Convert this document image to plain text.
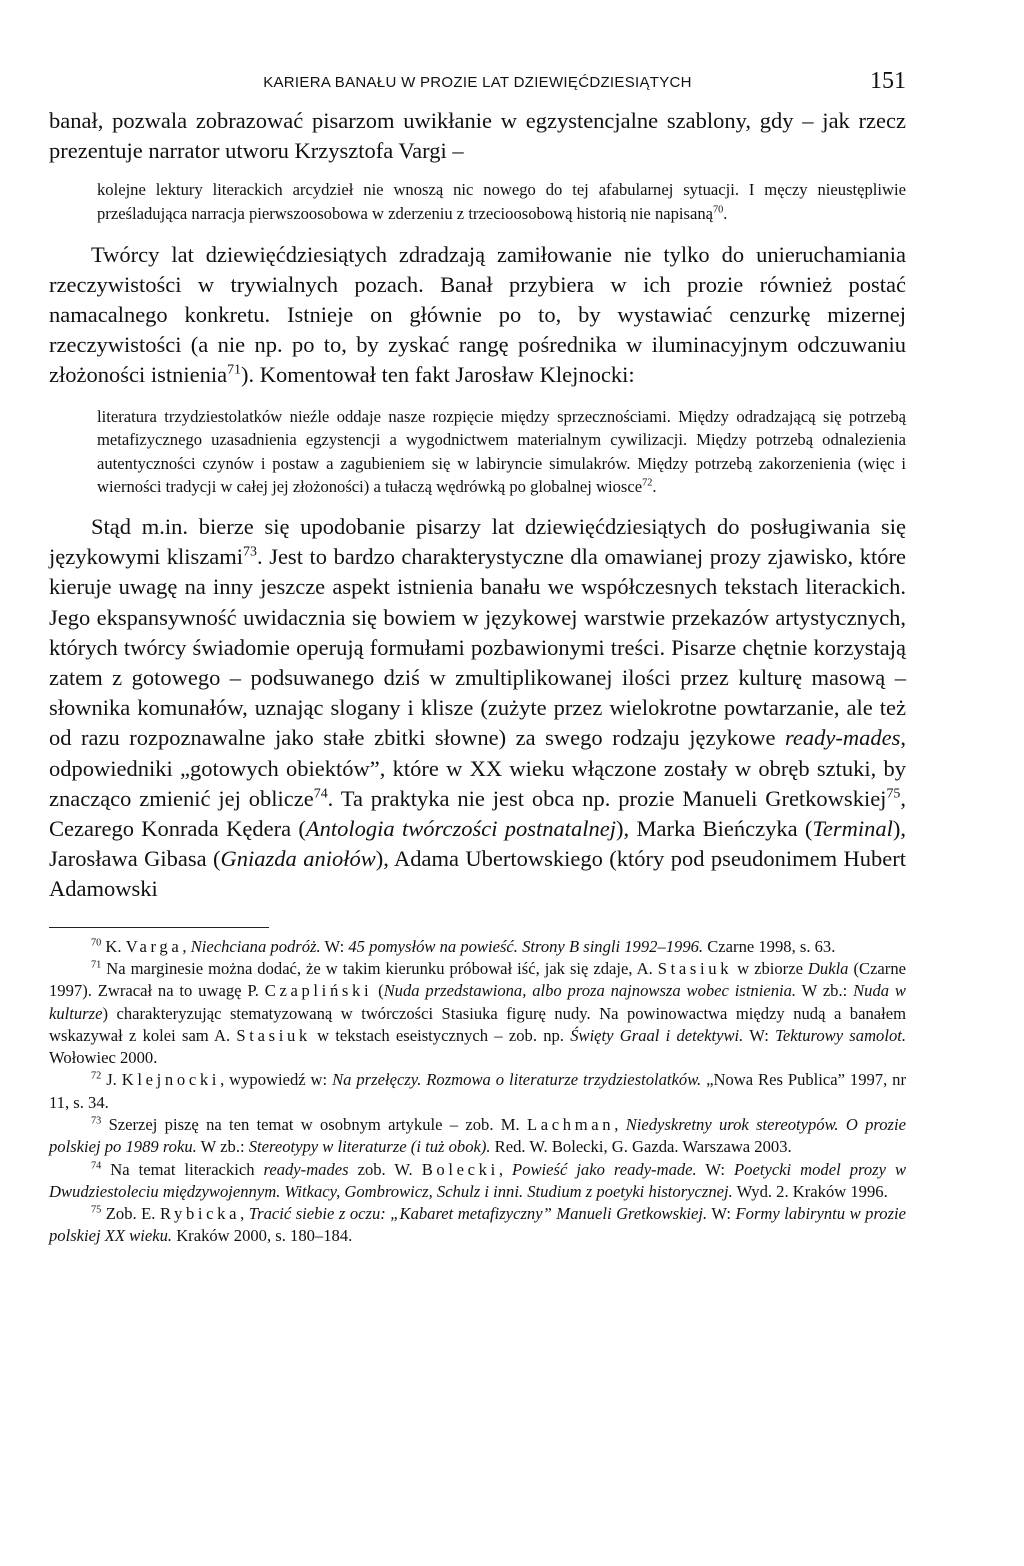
KARIERA BANAŁU W PROZIE LAT DZIEWIĘĆDZIESIĄTYCH	151

banał, pozwala zobrazować pisarzom uwikłanie w egzystencjalne szablony, gdy – jak rzecz prezentuje narrator utworu Krzysztofa Vargi –

kolejne lektury literackich arcydzieł nie wnoszą nic nowego do tej afabularnej sytuacji. I męczy nieustępliwie prześladująca narracja pierwszoosobowa w zderzeniu z trzecioosobową historią nie napisaną$^{70}$.

Twórcy lat dziewięćdziesiątych zdradzają zamiłowanie nie tylko do unieruchamiania rzeczywistości w trywialnych pozach. Banał przybiera w ich prozie również postać namacalnego konkretu. Istnieje on głównie po to, by wystawiać cenzurkę mizernej rzeczywistości (a nie np. po to, by zyskać rangę pośrednika w iluminacyjnym odczuwaniu złożoności istnienia$^{71}$). Komentował ten fakt Jarosław Klejnocki:

literatura trzydziestolatków nieźle oddaje nasze rozpięcie między sprzecznościami. Między odradzającą się potrzebą metafizycznego uzasadnienia egzystencji a wygodnictwem materialnym cywilizacji. Między potrzebą odnalezienia autentyczności czynów i postaw a zagubieniem się w labiryncie simulakrów. Między potrzebą zakorzenienia (więc i wierności tradycji w całej jej złożoności) a tułaczą wędrówką po globalnej wiosce$^{72}$.

Stąd m.in. bierze się upodobanie pisarzy lat dziewięćdziesiątych do posługiwania się językowymi kliszami$^{73}$. Jest to bardzo charakterystyczne dla omawianej prozy zjawisko, które kieruje uwagę na inny jeszcze aspekt istnienia banału we współczesnych tekstach literackich. Jego ekspansywność uwidacznia się bowiem w językowej warstwie przekazów artystycznych, których twórcy świadomie operują formułami pozbawionymi treści. Pisarze chętnie korzystają zatem z gotowego – podsuwanego dziś w zmultiplikowanej ilości przez kulturę masową – słownika komunałów, uznając slogany i klisze (zużyte przez wielokrotne powtarzanie, ale też od razu rozpoznawalne jako stałe zbitki słowne) za swego rodzaju językowe ready-mades, odpowiedniki „gotowych obiektów”, które w XX wieku włączone zostały w obręb sztuki, by znacząco zmienić jej oblicze$^{74}$. Ta praktyka nie jest obca np. prozie Manueli Gretkowskiej$^{75}$, Cezarego Konrada Kędera (Antologia twórczości postnatalnej), Marka Bieńczyka (Terminal), Jarosława Gibasa (Gniazda aniołów), Adama Ubertowskiego (który pod pseudonimem Hubert Adamowski

$^{70}$ K. Varga, Niechciana podróż. W: 45 pomysłów na powieść. Strony B singli 1992–1996. Czarne 1998, s. 63.

$^{71}$ Na marginesie można dodać, że w takim kierunku próbował iść, jak się zdaje, A. Stasiuk w zbiorze Dukla (Czarne 1997). Zwracał na to uwagę P. Czapliński (Nuda przedstawiona, albo proza najnowsza wobec istnienia. W zb.: Nuda w kulturze) charakteryzując stematyzowaną w twórczości Stasiuka figurę nudy. Na powinowactwa między nudą a banałem wskazywał z kolei sam A. Stasiuk w tekstach eseistycznych – zob. np. Święty Graal i detektywi. W: Tekturowy samolot. Wołowiec 2000.

$^{72}$ J. Klejnocki, wypowiedź w: Na przełęczy. Rozmowa o literaturze trzydziestolatków. „Nowa Res Publica” 1997, nr 11, s. 34.

$^{73}$ Szerzej piszę na ten temat w osobnym artykule – zob. M. Lachman, Niedyskretny urok stereotypów. O prozie polskiej po 1989 roku. W zb.: Stereotypy w literaturze (i tuż obok). Red. W. Bolecki, G. Gazda. Warszawa 2003.

$^{74}$ Na temat literackich ready-mades zob. W. Bolecki, Powieść jako ready-made. W: Poetycki model prozy w Dwudziestoleciu międzywojennym. Witkacy, Gombrowicz, Schulz i inni. Studium z poetyki historycznej. Wyd. 2. Kraków 1996.

$^{75}$ Zob. E. Rybicka, Tracić siebie z oczu: „Kabaret metafizyczny” Manueli Gretkowskiej. W: Formy labiryntu w prozie polskiej XX wieku. Kraków 2000, s. 180–184.
